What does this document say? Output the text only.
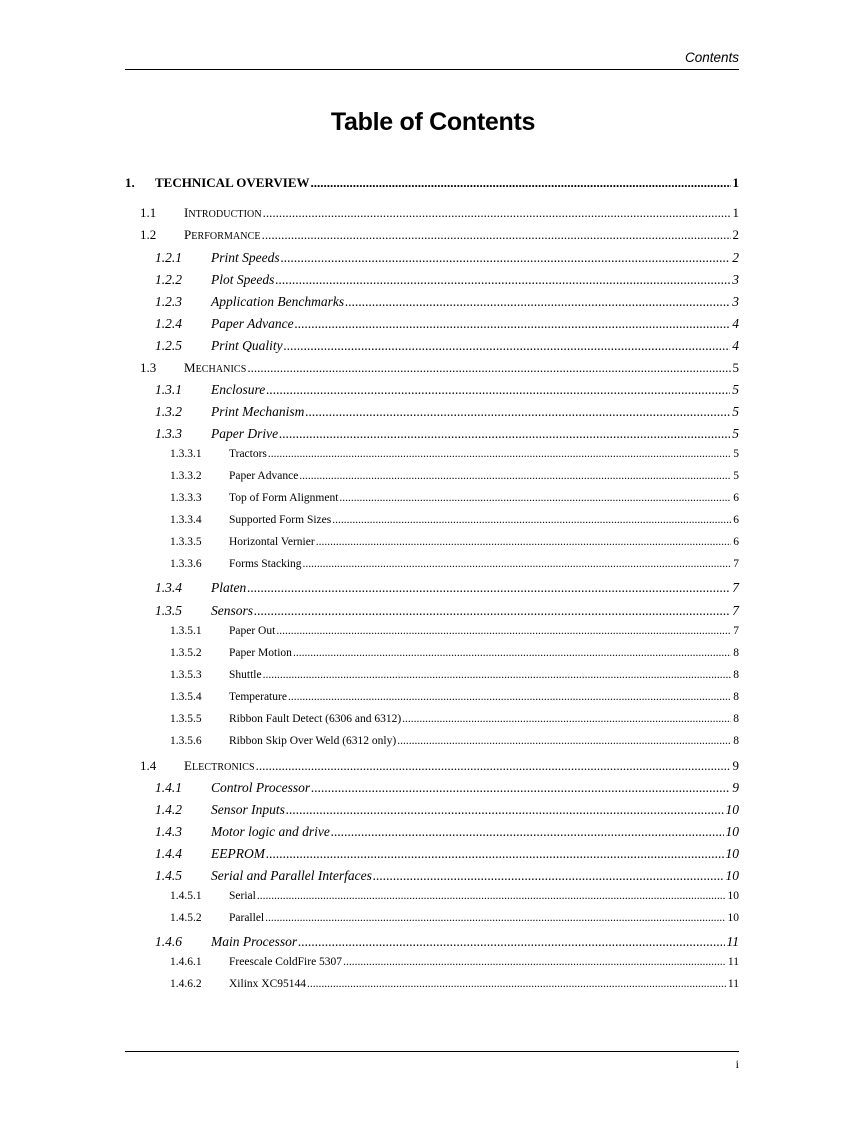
Contents
Table of Contents
1.	TECHNICAL OVERVIEW .....	1
1.1	INTRODUCTION .....	1
1.2	PERFORMANCE .....	2
1.2.1	Print Speeds .....	2
1.2.2	Plot Speeds .....	3
1.2.3	Application Benchmarks .....	3
1.2.4	Paper Advance .....	4
1.2.5	Print Quality .....	4
1.3	MECHANICS .....	5
1.3.1	Enclosure .....	5
1.3.2	Print Mechanism .....	5
1.3.3	Paper Drive .....	5
1.3.3.1	Tractors .....	5
1.3.3.2	Paper Advance .....	5
1.3.3.3	Top of Form Alignment .....	6
1.3.3.4	Supported Form Sizes .....	6
1.3.3.5	Horizontal Vernier .....	6
1.3.3.6	Forms Stacking .....	7
1.3.4	Platen .....	7
1.3.5	Sensors .....	7
1.3.5.1	Paper Out .....	7
1.3.5.2	Paper Motion .....	8
1.3.5.3	Shuttle .....	8
1.3.5.4	Temperature .....	8
1.3.5.5	Ribbon Fault Detect (6306 and 6312) .....	8
1.3.5.6	Ribbon Skip Over Weld (6312 only) .....	8
1.4	ELECTRONICS .....	9
1.4.1	Control Processor .....	9
1.4.2	Sensor Inputs .....	10
1.4.3	Motor logic and drive .....	10
1.4.4	EEPROM .....	10
1.4.5	Serial and Parallel Interfaces .....	10
1.4.5.1	Serial .....	10
1.4.5.2	Parallel .....	10
1.4.6	Main Processor .....	11
1.4.6.1	Freescale ColdFire 5307 .....	11
1.4.6.2	Xilinx XC95144 .....	11
i
